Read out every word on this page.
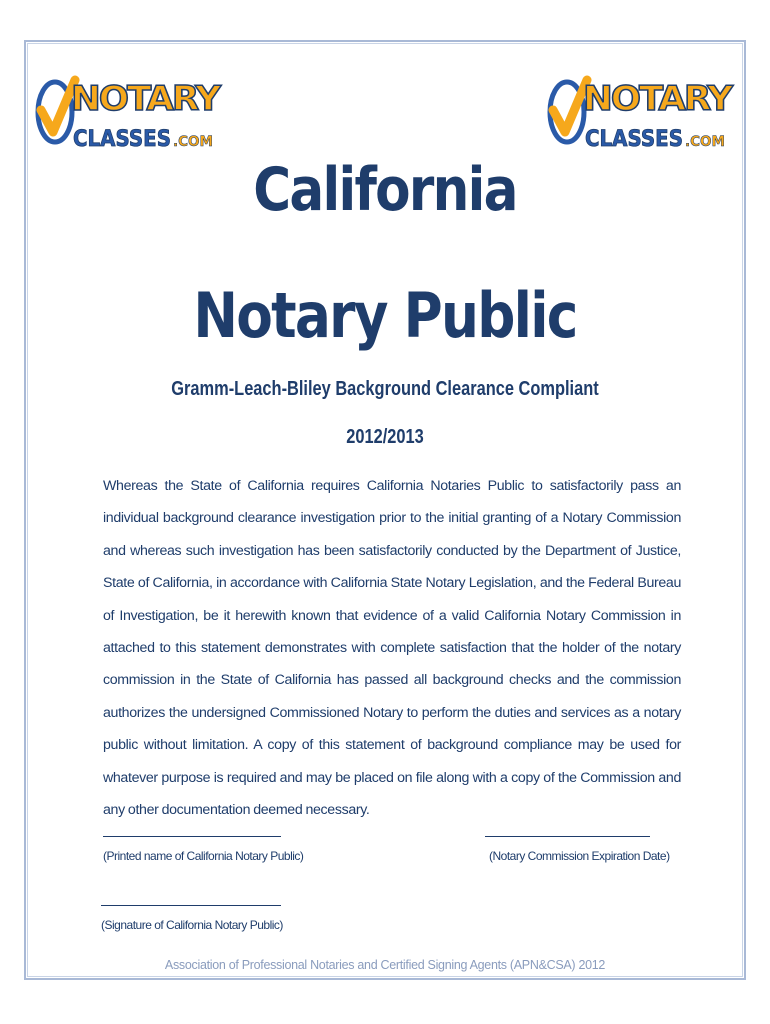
NOTARY
CLASSES .COM
NOTARY
CLASSES .COM
California
Notary Public
Gramm-Leach-Bliley Background Clearance Compliant
2012/2013
Whereas the State of California requires California Notaries Public to satisfactorily pass an individual background clearance investigation prior to the initial granting of a Notary Commission and whereas such investigation has been satisfactorily conducted by the Department of Justice, State of California, in accordance with California State Notary Legislation, and the Federal Bureau of Investigation, be it herewith known that evidence of a valid California Notary Commission in attached to this statement demonstrates with complete satisfaction that the holder of the notary commission in the State of California has passed all background checks and the commission authorizes the undersigned Commissioned Notary to perform the duties and services as a notary public without limitation. A copy of this statement of background compliance may be used for whatever purpose is required and may be placed on file along with a copy of the Commission and any other documentation deemed necessary.
(Printed name of California Notary Public)	(Notary Commission Expiration Date)
(Signature of California Notary Public)
Association of Professional Notaries and Certified Signing Agents (APN&CSA) 2012
